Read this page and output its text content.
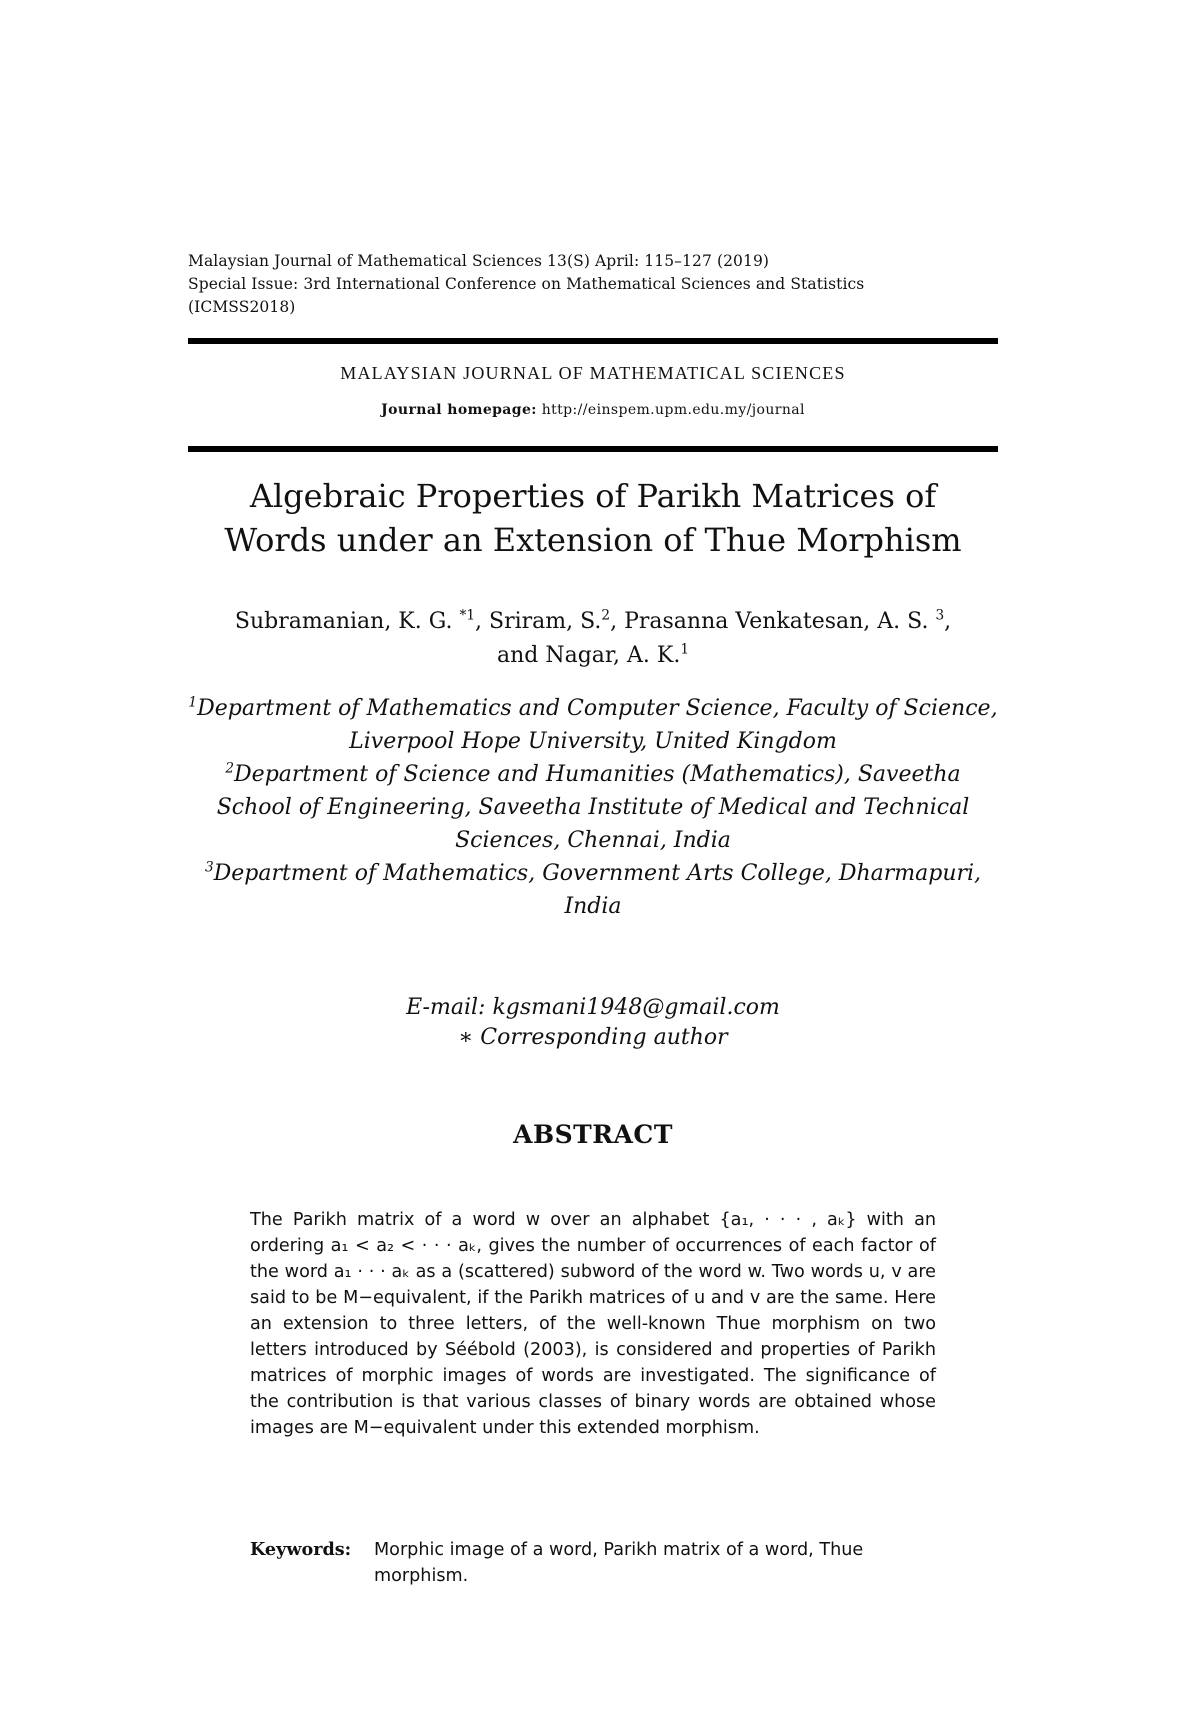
Malaysian Journal of Mathematical Sciences 13(S) April: 115–127 (2019)
Special Issue: 3rd International Conference on Mathematical Sciences and Statistics
(ICMSS2018)
MALAYSIAN JOURNAL OF MATHEMATICAL SCIENCES
Journal homepage: http://einspem.upm.edu.my/journal
Algebraic Properties of Parikh Matrices of
Words under an Extension of Thue Morphism
Subramanian, K. G. $^{*1}$, Sriram, S.$^2$, Prasanna Venkatesan, A. S. $^3$,
and Nagar, A. K.$^1$
$^1$Department of Mathematics and Computer Science, Faculty of Science, Liverpool Hope University, United Kingdom
$^2$Department of Science and Humanities (Mathematics), Saveetha School of Engineering, Saveetha Institute of Medical and Technical Sciences, Chennai, India
$^3$Department of Mathematics, Government Arts College, Dharmapuri, India
E-mail: kgsmani1948@gmail.com
∗ Corresponding author
ABSTRACT
The Parikh matrix of a word w over an alphabet {a₁, · · · , aₖ} with an ordering a₁ < a₂ < · · · aₖ, gives the number of occurrences of each factor of the word a₁ · · · aₖ as a (scattered) subword of the word w. Two words u, v are said to be M−equivalent, if the Parikh matrices of u and v are the same. Here an extension to three letters, of the well-known Thue morphism on two letters introduced by Séébold (2003), is considered and properties of Parikh matrices of morphic images of words are investigated. The significance of the contribution is that various classes of binary words are obtained whose images are M−equivalent under this extended morphism.
Keywords: Morphic image of a word, Parikh matrix of a word, Thue morphism.
